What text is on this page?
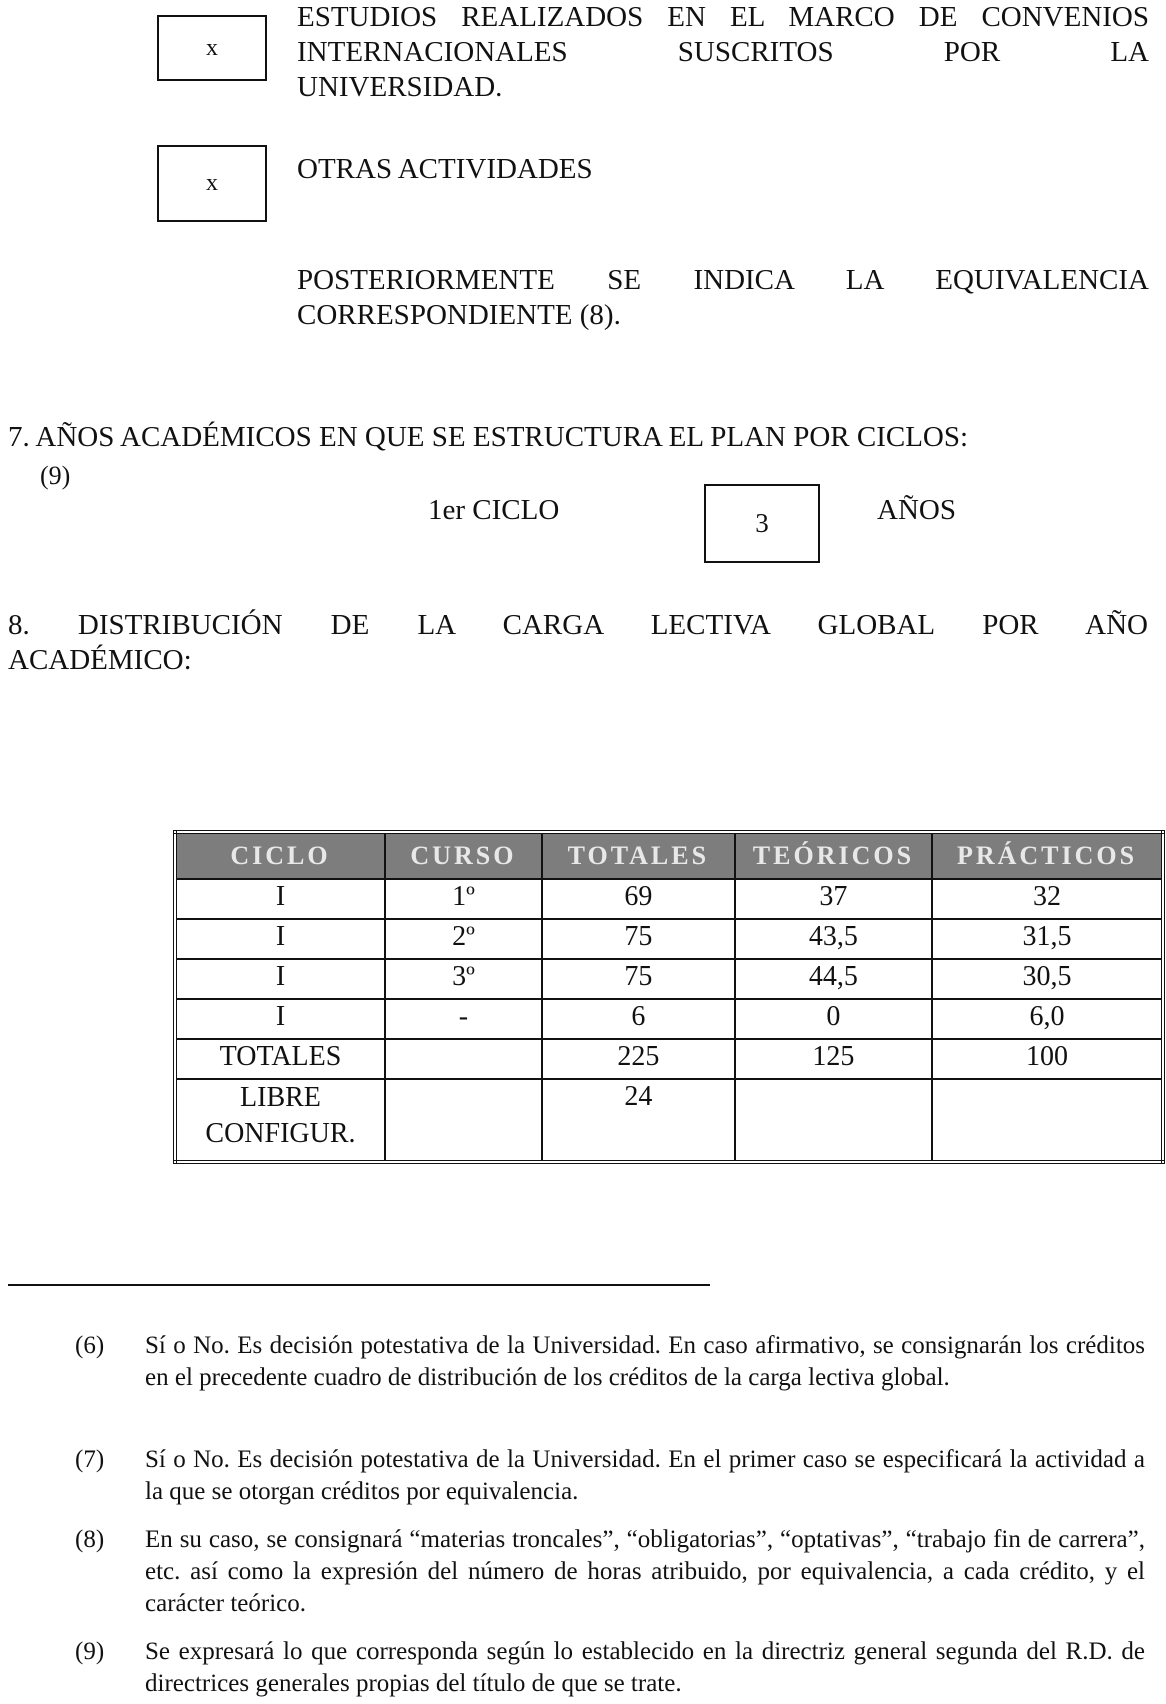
x
ESTUDIOS REALIZADOS EN EL MARCO DE CONVENIOS
INTERNACIONALES SUSCRITOS POR LA
UNIVERSIDAD.
x	OTRAS ACTIVIDADES
POSTERIORMENTE SE INDICA LA EQUIVALENCIA
CORRESPONDIENTE (8).
7. AÑOS ACADÉMICOS EN QUE SE ESTRUCTURA EL PLAN POR CICLOS:
(9)
1er CICLO	3	AÑOS
8. DISTRIBUCIÓN DE LA CARGA LECTIVA GLOBAL POR AÑO
ACADÉMICO:
CICLO	CURSO	TOTALES	TEÓRICOS	PRÁCTICOS
I	1º	69	37	32
I	2º	75	43,5	31,5
I	3º	75	44,5	30,5
I	-	6	0	6,0
TOTALES		225	125	100
LIBRE CONFIGUR.		24		
(6) Sí o No. Es decisión potestativa de la Universidad. En caso afirmativo, se consignarán los créditos en el precedente cuadro de distribución de los créditos de la carga lectiva global.
(7) Sí o No. Es decisión potestativa de la Universidad. En el primer caso se especificará la actividad a la que se otorgan créditos por equivalencia.
(8) En su caso, se consignará “materias troncales”, “obligatorias”, “optativas”, “trabajo fin de carrera”, etc. así como la expresión del número de horas atribuido, por equivalencia, a cada crédito, y el carácter teórico.
(9) Se expresará lo que corresponda según lo establecido en la directriz general segunda del R.D. de directrices generales propias del título de que se trate.
